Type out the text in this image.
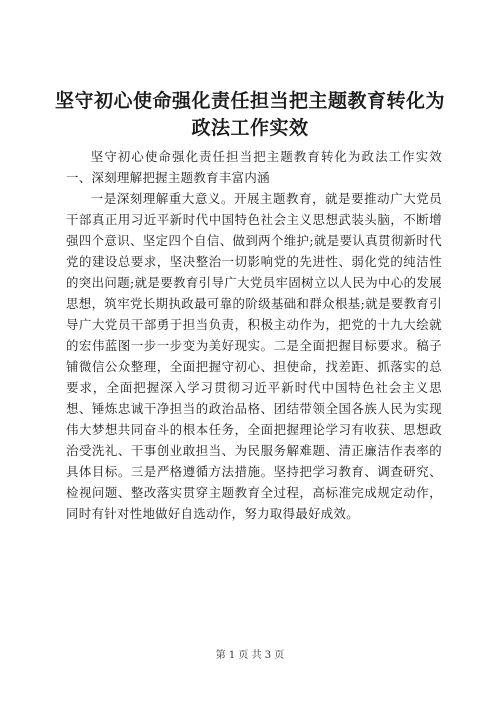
坚守初心使命强化责任担当把主题教育转化为
政法工作实效

坚守初心使命强化责任担当把主题教育转化为政法工作实效一、深刻理解把握主题教育丰富内涵

一是深刻理解重大意义。开展主题教育，就是要推动广大党员干部真正用习近平新时代中国特色社会主义思想武装头脑，不断增强四个意识、坚定四个自信、做到两个维护;就是要认真贯彻新时代党的建设总要求，坚决整治一切影响党的先进性、弱化党的纯洁性的突出问题;就是要教育引导广大党员牢固树立以人民为中心的发展思想，筑牢党长期执政最可靠的阶级基础和群众根基;就是要教育引导广大党员干部勇于担当负责，积极主动作为，把党的十九大绘就的宏伟蓝图一步一步变为美好现实。二是全面把握目标要求。稿子铺微信公众整理，全面把握守初心、担使命，找差距、抓落实的总要求，全面把握深入学习贯彻习近平新时代中国特色社会主义思想、锤炼忠诚干净担当的政治品格、团结带领全国各族人民为实现伟大梦想共同奋斗的根本任务，全面把握理论学习有收获、思想政治受洗礼、干事创业敢担当、为民服务解难题、清正廉洁作表率的具体目标。三是严格遵循方法措施。坚持把学习教育、调查研究、检视问题、整改落实贯穿主题教育全过程，高标准完成规定动作，同时有针对性地做好自选动作，努力取得最好成效。

第 1 页 共 3 页
